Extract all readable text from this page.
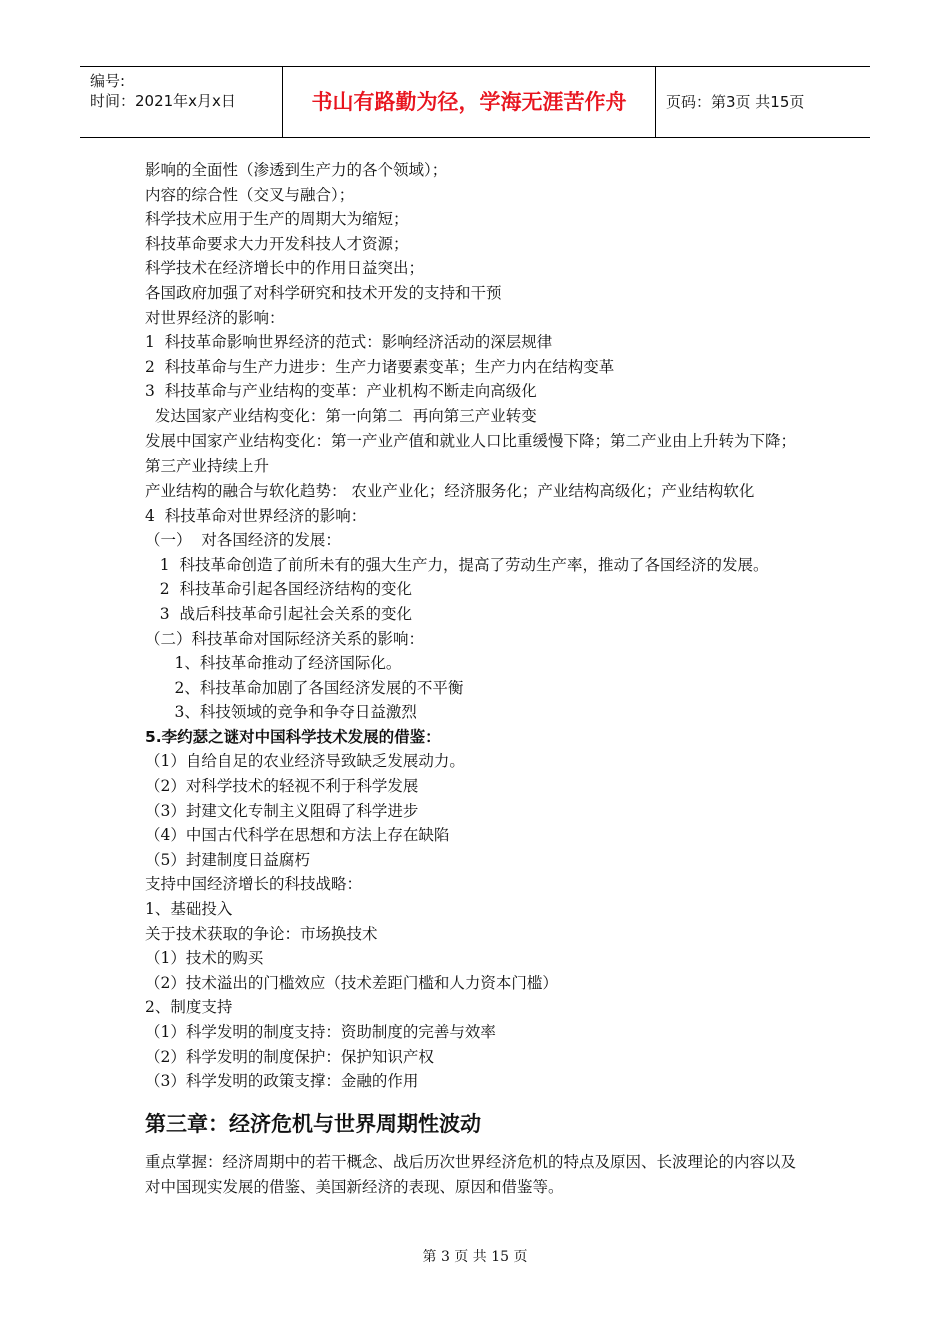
编号:
时间：2021年x月x日	书山有路勤为径，学海无涯苦作舟	页码：第3页 共15页
影响的全面性（渗透到生产力的各个领域）；
内容的综合性（交叉与融合）；
科学技术应用于生产的周期大为缩短；
科技革命要求大力开发科技人才资源；
科学技术在经济增长中的作用日益突出；
各国政府加强了对科学研究和技术开发的支持和干预
对世界经济的影响：
1  科技革命影响世界经济的范式：影响经济活动的深层规律
2  科技革命与生产力进步：生产力诸要素变革；生产力内在结构变革
3  科技革命与产业结构的变革：产业机构不断走向高级化
发达国家产业结构变化：第一向第二  再向第三产业转变
发展中国家产业结构变化：第一产业产值和就业人口比重缓慢下降；第二产业由上升转为下降；第三产业持续上升
产业结构的融合与软化趋势： 农业产业化；经济服务化；产业结构高级化；产业结构软化
4  科技革命对世界经济的影响：
（一）  对各国经济的发展：
1  科技革命创造了前所未有的强大生产力，提高了劳动生产率，推动了各国经济的发展。
2  科技革命引起各国经济结构的变化
3  战后科技革命引起社会关系的变化
（二）科技革命对国际经济关系的影响：
1、科技革命推动了经济国际化。
2、科技革命加剧了各国经济发展的不平衡
3、科技领域的竞争和争夺日益激烈
5.李约瑟之谜对中国科学技术发展的借鉴：
（1）自给自足的农业经济导致缺乏发展动力。
（2）对科学技术的轻视不利于科学发展
（3）封建文化专制主义阻碍了科学进步
（4）中国古代科学在思想和方法上存在缺陷
（5）封建制度日益腐朽
支持中国经济增长的科技战略：
1、基础投入
关于技术获取的争论：市场换技术
（1）技术的购买
（2）技术溢出的门槛效应（技术差距门槛和人力资本门槛）
2、制度支持
（1）科学发明的制度支持：资助制度的完善与效率
（2）科学发明的制度保护：保护知识产权
（3）科学发明的政策支撑：金融的作用
第三章：经济危机与世界周期性波动
重点掌握：经济周期中的若干概念、战后历次世界经济危机的特点及原因、长波理论的内容以及对中国现实发展的借鉴、美国新经济的表现、原因和借鉴等。
第 3 页 共 15 页
